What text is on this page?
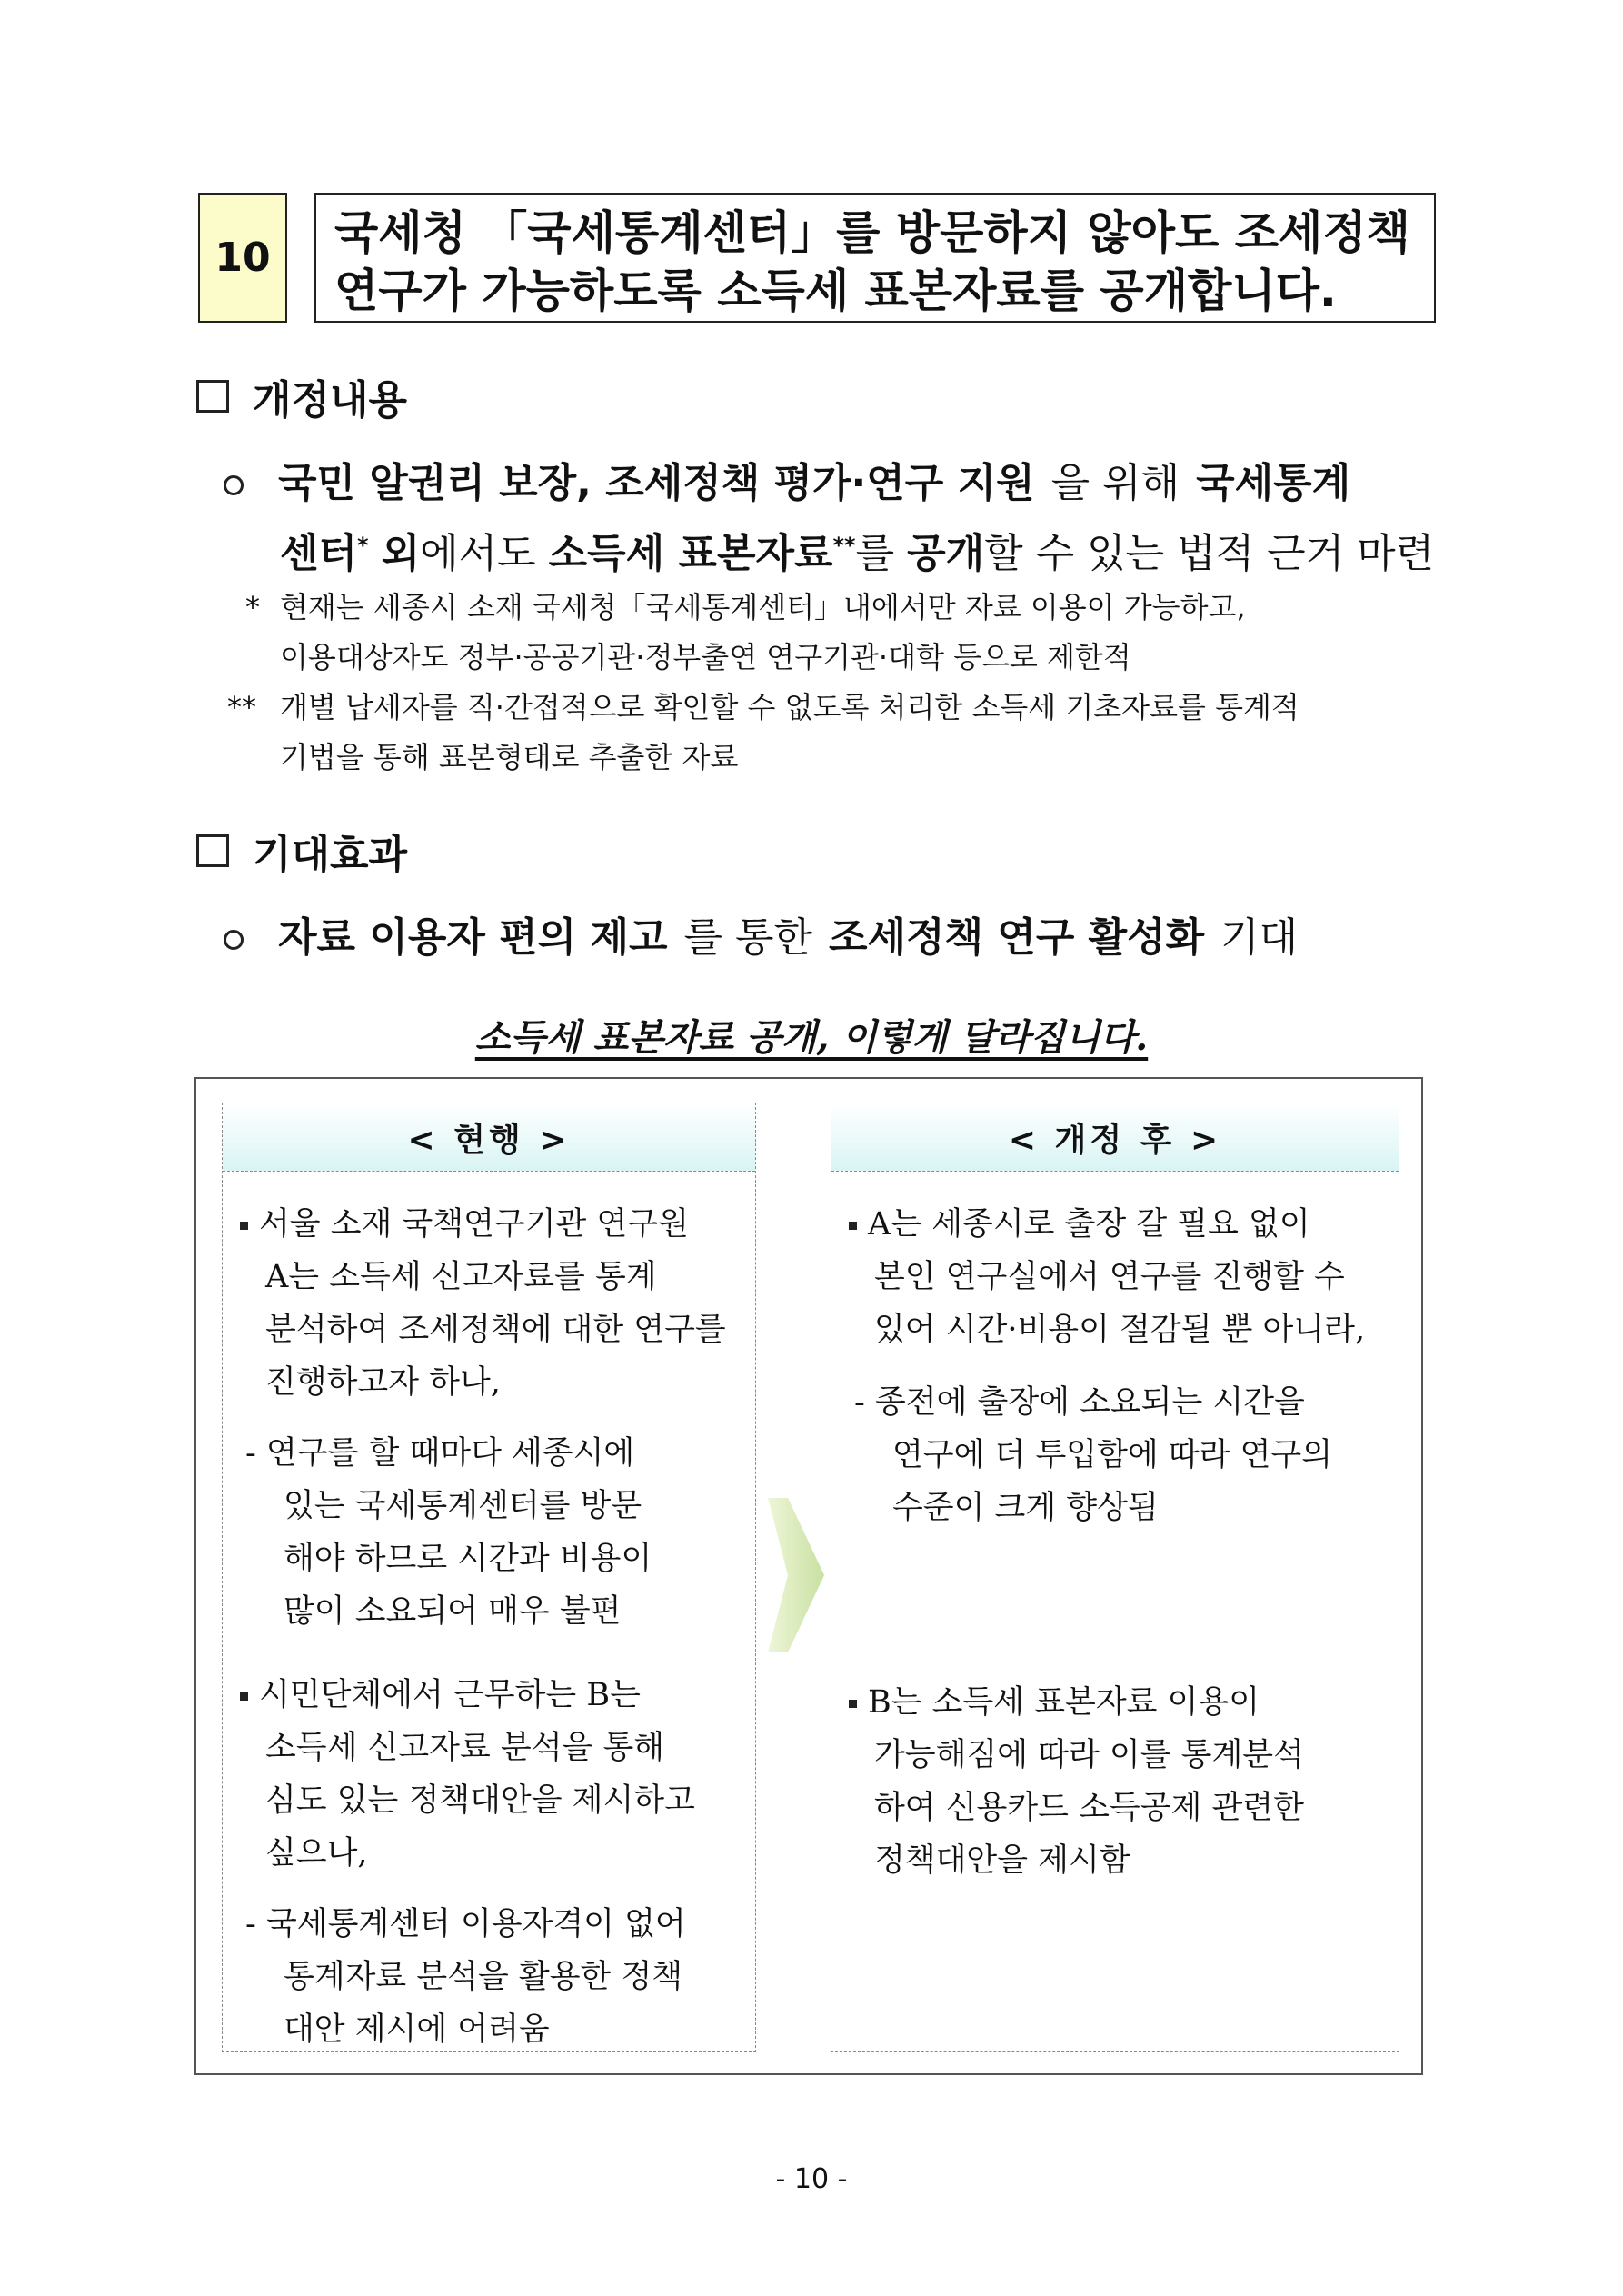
10	국세청 「국세통계센터」를 방문하지 않아도 조세정책
연구가 가능하도록 소득세 표본자료를 공개합니다.
개정내용
국민 알권리 보장, 조세정책 평가·연구 지원 을 위해 국세통계
센터* 외에서도 소득세 표본자료**를 공개할 수 있는 법적 근거 마련
* 현재는 세종시 소재 국세청「국세통계센터」내에서만 자료 이용이 가능하고,
이용대상자도 정부·공공기관·정부출연 연구기관·대학 등으로 제한적
** 개별 납세자를 직·간접적으로 확인할 수 없도록 처리한 소득세 기초자료를 통계적
기법을 통해 표본형태로 추출한 자료
기대효과
자료 이용자 편의 제고 를 통한 조세정책 연구 활성화 기대
소득세 표본자료 공개, 이렇게 달라집니다.
< 현행 >
서울 소재 국책연구기관 연구원
A는 소득세 신고자료를 통계
분석하여 조세정책에 대한 연구를
진행하고자 하나,
- 연구를 할 때마다 세종시에
있는 국세통계센터를 방문
해야 하므로 시간과 비용이
많이 소요되어 매우 불편
시민단체에서 근무하는 B는
소득세 신고자료 분석을 통해
심도 있는 정책대안을 제시하고
싶으나,
- 국세통계센터 이용자격이 없어
통계자료 분석을 활용한 정책
대안 제시에 어려움
< 개정 후 >
A는 세종시로 출장 갈 필요 없이
본인 연구실에서 연구를 진행할 수
있어 시간·비용이 절감될 뿐 아니라,
- 종전에 출장에 소요되는 시간을
연구에 더 투입함에 따라 연구의
수준이 크게 향상됨
B는 소득세 표본자료 이용이
가능해짐에 따라 이를 통계분석
하여 신용카드 소득공제 관련한
정책대안을 제시함
- 10 -
